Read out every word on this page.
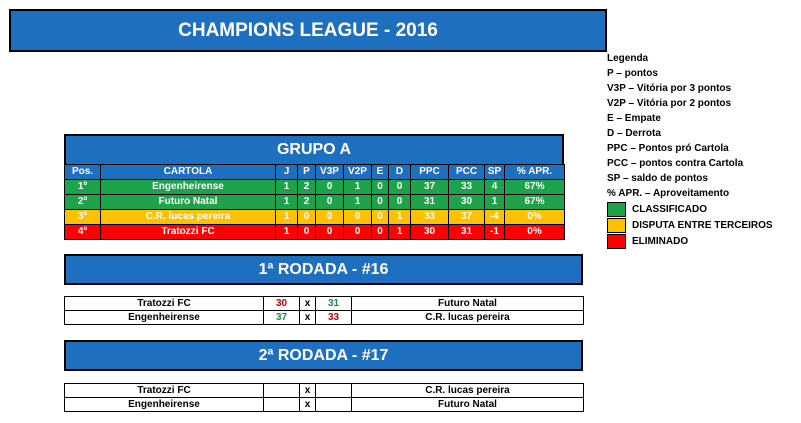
CHAMPIONS LEAGUE - 2016
GRUPO A
Pos.	CARTOLA	J	P	V3P	V2P	E	D	PPC	PCC	SP	% APR.
1º	Engenheirense	1	2	0	1	0	0	37	33	4	67%
2º	Futuro Natal	1	2	0	1	0	0	31	30	1	67%
3º	C.R. lucas pereira	1	0	0	0	0	1	33	37	-4	0%
4º	Tratozzi FC	1	0	0	0	0	1	30	31	-1	0%
1ª RODADA - #16
Tratozzi FC	30	x	31	Futuro Natal
Engenheirense	37	x	33	C.R. lucas pereira
2ª RODADA - #17
Tratozzi FC		x		C.R. lucas pereira
Engenheirense		x		Futuro Natal
Legenda
P – pontos
V3P – Vitória por 3 pontos
V2P – Vitória por 2 pontos
E – Empate
D – Derrota
PPC – Pontos pró Cartola
PCC – pontos contra Cartola
SP – saldo de pontos
% APR. – Aproveitamento
CLASSIFICADO
DISPUTA ENTRE TERCEIROS
ELIMINADO
